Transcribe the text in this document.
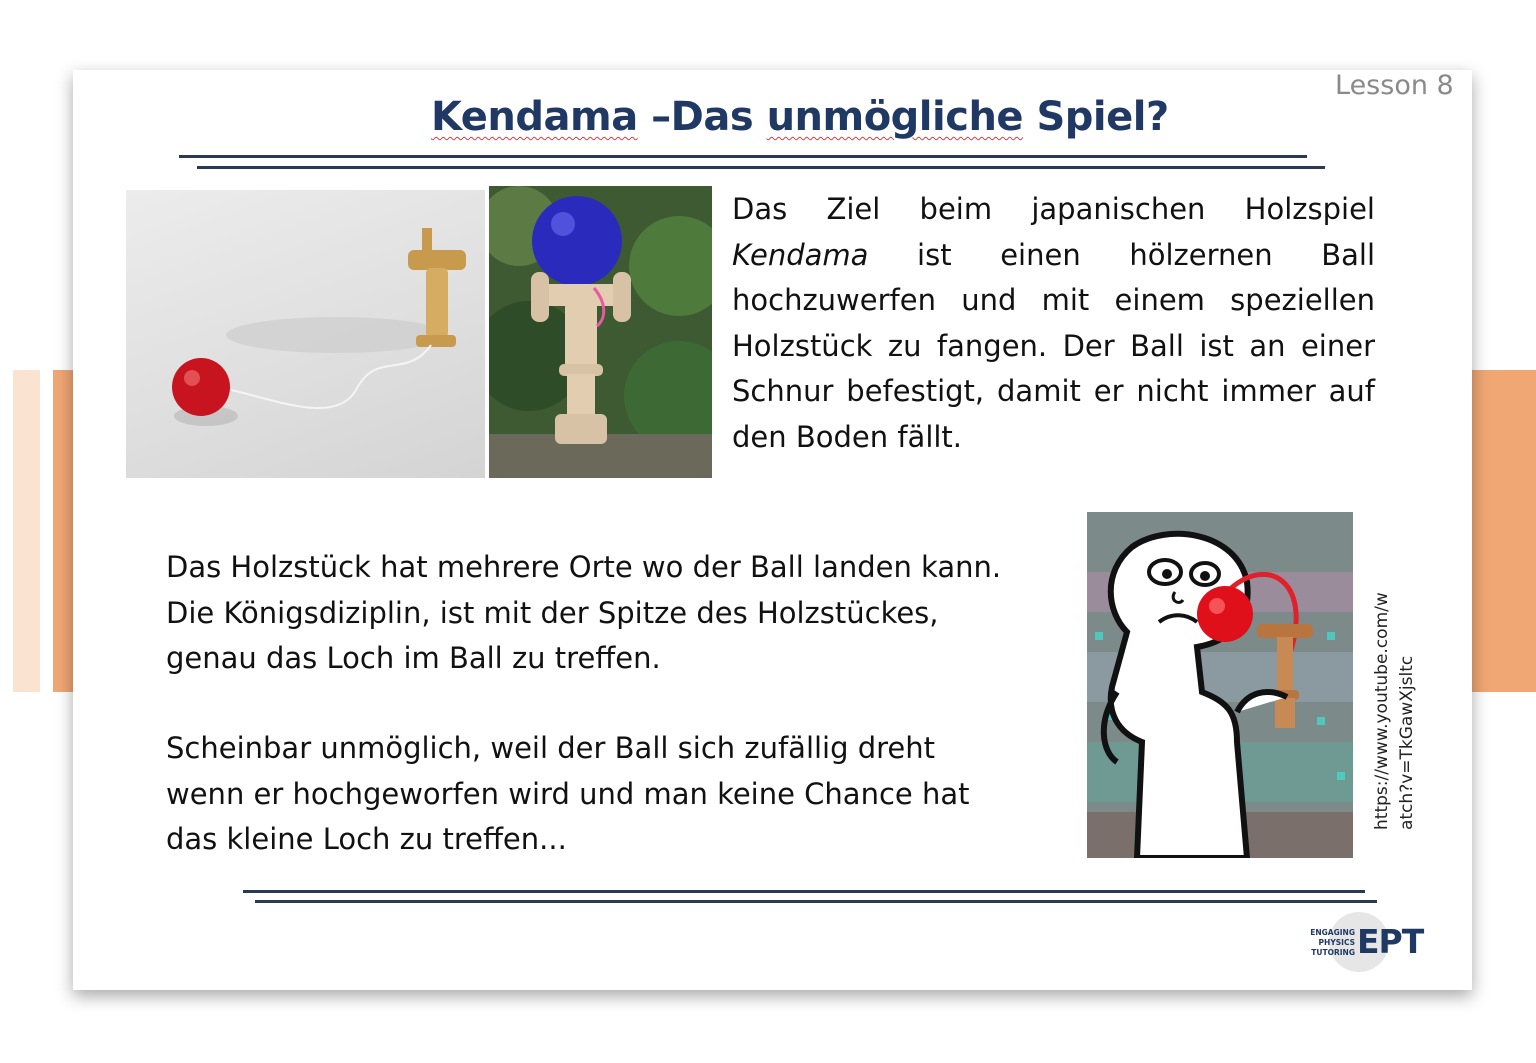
Lesson 8
Kendama –Das unmögliche Spiel?
Das Ziel beim japanischen Holzspiel Kendama ist einen hölzernen Ball hochzuwerfen und mit einem speziellen Holzstück zu fangen. Der Ball ist an einer Schnur befestigt, damit er nicht immer auf den Boden fällt.
Das Holzstück hat mehrere Orte wo der Ball landen kann.
Die Königsdiziplin, ist mit der Spitze des Holzstückes,
genau das Loch im Ball zu treffen.
Scheinbar unmöglich, weil der Ball sich zufällig dreht
wenn er hochgeworfen wird und man keine Chance hat
das kleine Loch zu treffen...
https://www.youtube.com/w atch?v=TkGawXjsltc
ENGAGING
PHYSICS
TUTORING EPT
